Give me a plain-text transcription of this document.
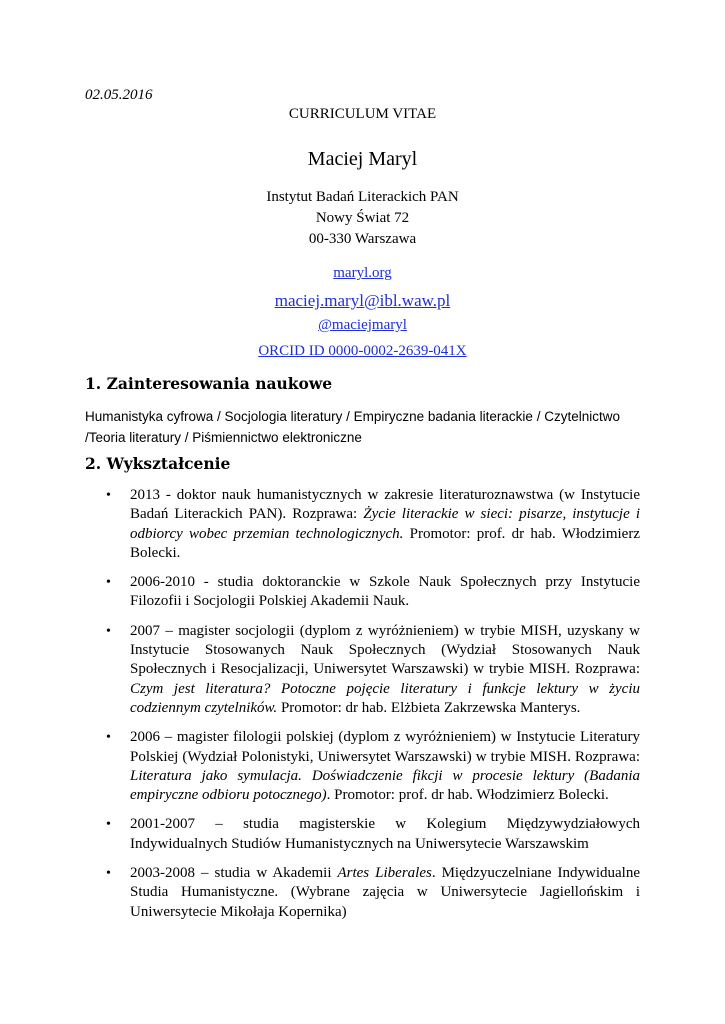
02.05.2016
CURRICULUM VITAE
Maciej Maryl
Instytut Badań Literackich PAN
Nowy Świat 72
00-330 Warszawa
maryl.org
maciej.maryl@ibl.waw.pl
@maciejmaryl
ORCID ID 0000-0002-2639-041X
1. Zainteresowania naukowe
Humanistyka cyfrowa / Socjologia literatury / Empiryczne badania literackie / Czytelnictwo /Teoria literatury / Piśmiennictwo elektroniczne
2. Wykształcenie
• 2013 - doktor nauk humanistycznych w zakresie literaturoznawstwa (w Instytucie Badań Literackich PAN). Rozprawa: Życie literackie w sieci: pisarze, instytucje i odbiorcy wobec przemian technologicznych. Promotor: prof. dr hab. Włodzimierz Bolecki.
• 2006-2010 - studia doktoranckie w Szkole Nauk Społecznych przy Instytucie Filozofii i Socjologii Polskiej Akademii Nauk.
• 2007 – magister socjologii (dyplom z wyróżnieniem) w trybie MISH, uzyskany w Instytucie Stosowanych Nauk Społecznych (Wydział Stosowanych Nauk Społecznych i Resocjalizacji, Uniwersytet Warszawski) w trybie MISH. Rozprawa: Czym jest literatura? Potoczne pojęcie literatury i funkcje lektury w życiu codziennym czytelników. Promotor: dr hab. Elżbieta Zakrzewska Manterys.
• 2006 – magister filologii polskiej (dyplom z wyróżnieniem) w Instytucie Literatury Polskiej (Wydział Polonistyki, Uniwersytet Warszawski) w trybie MISH. Rozprawa: Literatura jako symulacja. Doświadczenie fikcji w procesie lektury (Badania empiryczne odbioru potocznego). Promotor: prof. dr hab. Włodzimierz Bolecki.
• 2001-2007 – studia magisterskie w Kolegium Międzywydziałowych Indywidualnych Studiów Humanistycznych na Uniwersytecie Warszawskim
• 2003-2008 – studia w Akademii Artes Liberales. Międzyuczelniane Indywidualne Studia Humanistyczne. (Wybrane zajęcia w Uniwersytecie Jagiellońskim i Uniwersytecie Mikołaja Kopernika)
